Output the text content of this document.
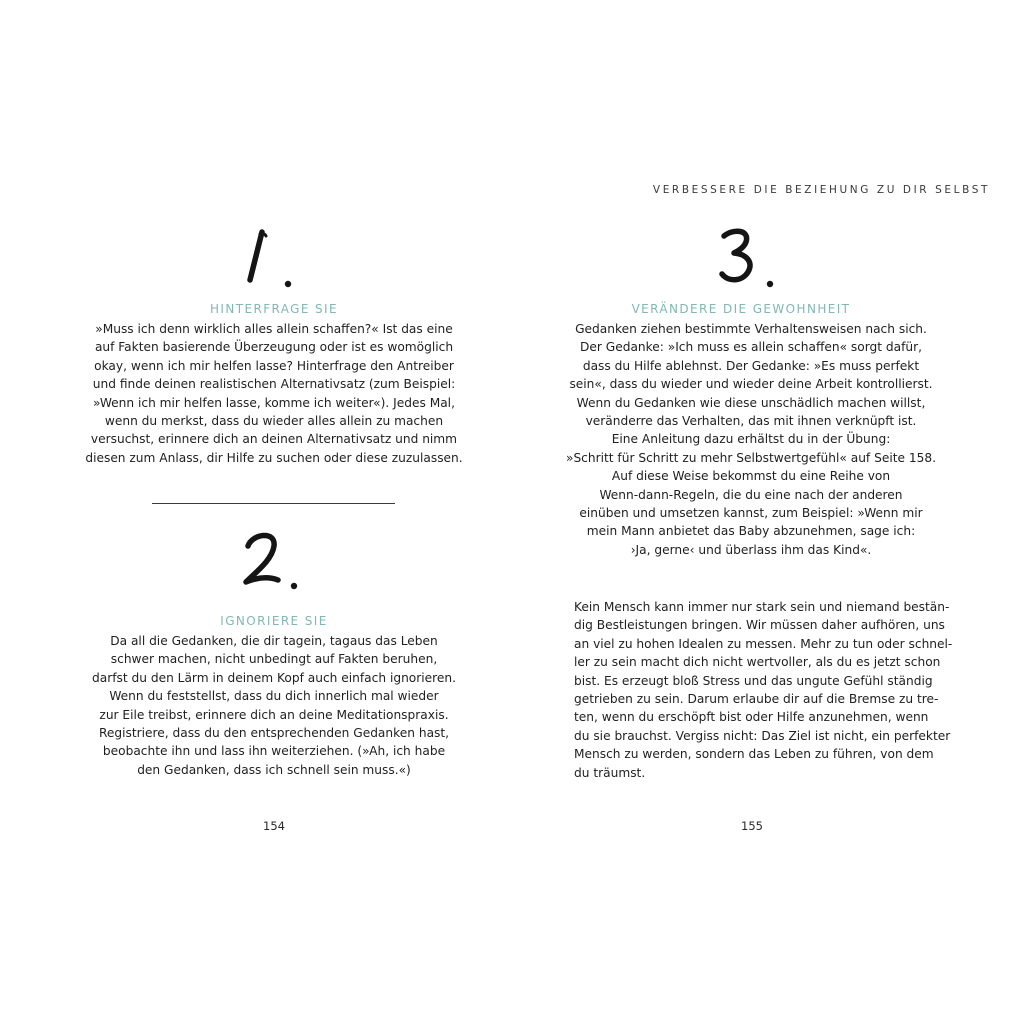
VERBESSERE DIE BEZIEHUNG ZU DIR SELBST
HINTERFRAGE SIE
»Muss ich denn wirklich alles allein schaffen?« Ist das eine
auf Fakten basierende Überzeugung oder ist es womöglich
okay, wenn ich mir helfen lasse? Hinterfrage den Antreiber
und finde deinen realistischen Alternativsatz (zum Beispiel:
»Wenn ich mir helfen lasse, komme ich weiter«). Jedes Mal,
wenn du merkst, dass du wieder alles allein zu machen
versuchst, erinnere dich an deinen Alternativsatz und nimm
diesen zum Anlass, dir Hilfe zu suchen oder diese zuzulassen.
IGNORIERE SIE
Da all die Gedanken, die dir tagein, tagaus das Leben
schwer machen, nicht unbedingt auf Fakten beruhen,
darfst du den Lärm in deinem Kopf auch einfach ignorieren.
Wenn du feststellst, dass du dich innerlich mal wieder
zur Eile treibst, erinnere dich an deine Meditationspraxis.
Registriere, dass du den entsprechenden Gedanken hast,
beobachte ihn und lass ihn weiterziehen. (»Ah, ich habe
den Gedanken, dass ich schnell sein muss.«)
154
VERÄNDERE DIE GEWOHNHEIT
Gedanken ziehen bestimmte Verhaltensweisen nach sich.
Der Gedanke: »Ich muss es allein schaffen« sorgt dafür,
dass du Hilfe ablehnst. Der Gedanke: »Es muss perfekt
sein«, dass du wieder und wieder deine Arbeit kontrollierst.
Wenn du Gedanken wie diese unschädlich machen willst,
veränderre das Verhalten, das mit ihnen verknüpft ist.
Eine Anleitung dazu erhältst du in der Übung:
»Schritt für Schritt zu mehr Selbstwertgefühl« auf Seite 158.
Auf diese Weise bekommst du eine Reihe von
Wenn-dann-Regeln, die du eine nach der anderen
einüben und umsetzen kannst, zum Beispiel: »Wenn mir
mein Mann anbietet das Baby abzunehmen, sage ich:
›Ja, gerne‹ und überlass ihm das Kind«.
Kein Mensch kann immer nur stark sein und niemand bestän-
dig Bestleistungen bringen. Wir müssen daher aufhören, uns
an viel zu hohen Idealen zu messen. Mehr zu tun oder schnel-
ler zu sein macht dich nicht wertvoller, als du es jetzt schon
bist. Es erzeugt bloß Stress und das ungute Gefühl ständig
getrieben zu sein. Darum erlaube dir auf die Bremse zu tre-
ten, wenn du erschöpft bist oder Hilfe anzunehmen, wenn
du sie brauchst. Vergiss nicht: Das Ziel ist nicht, ein perfekter
Mensch zu werden, sondern das Leben zu führen, von dem
du träumst.
155
